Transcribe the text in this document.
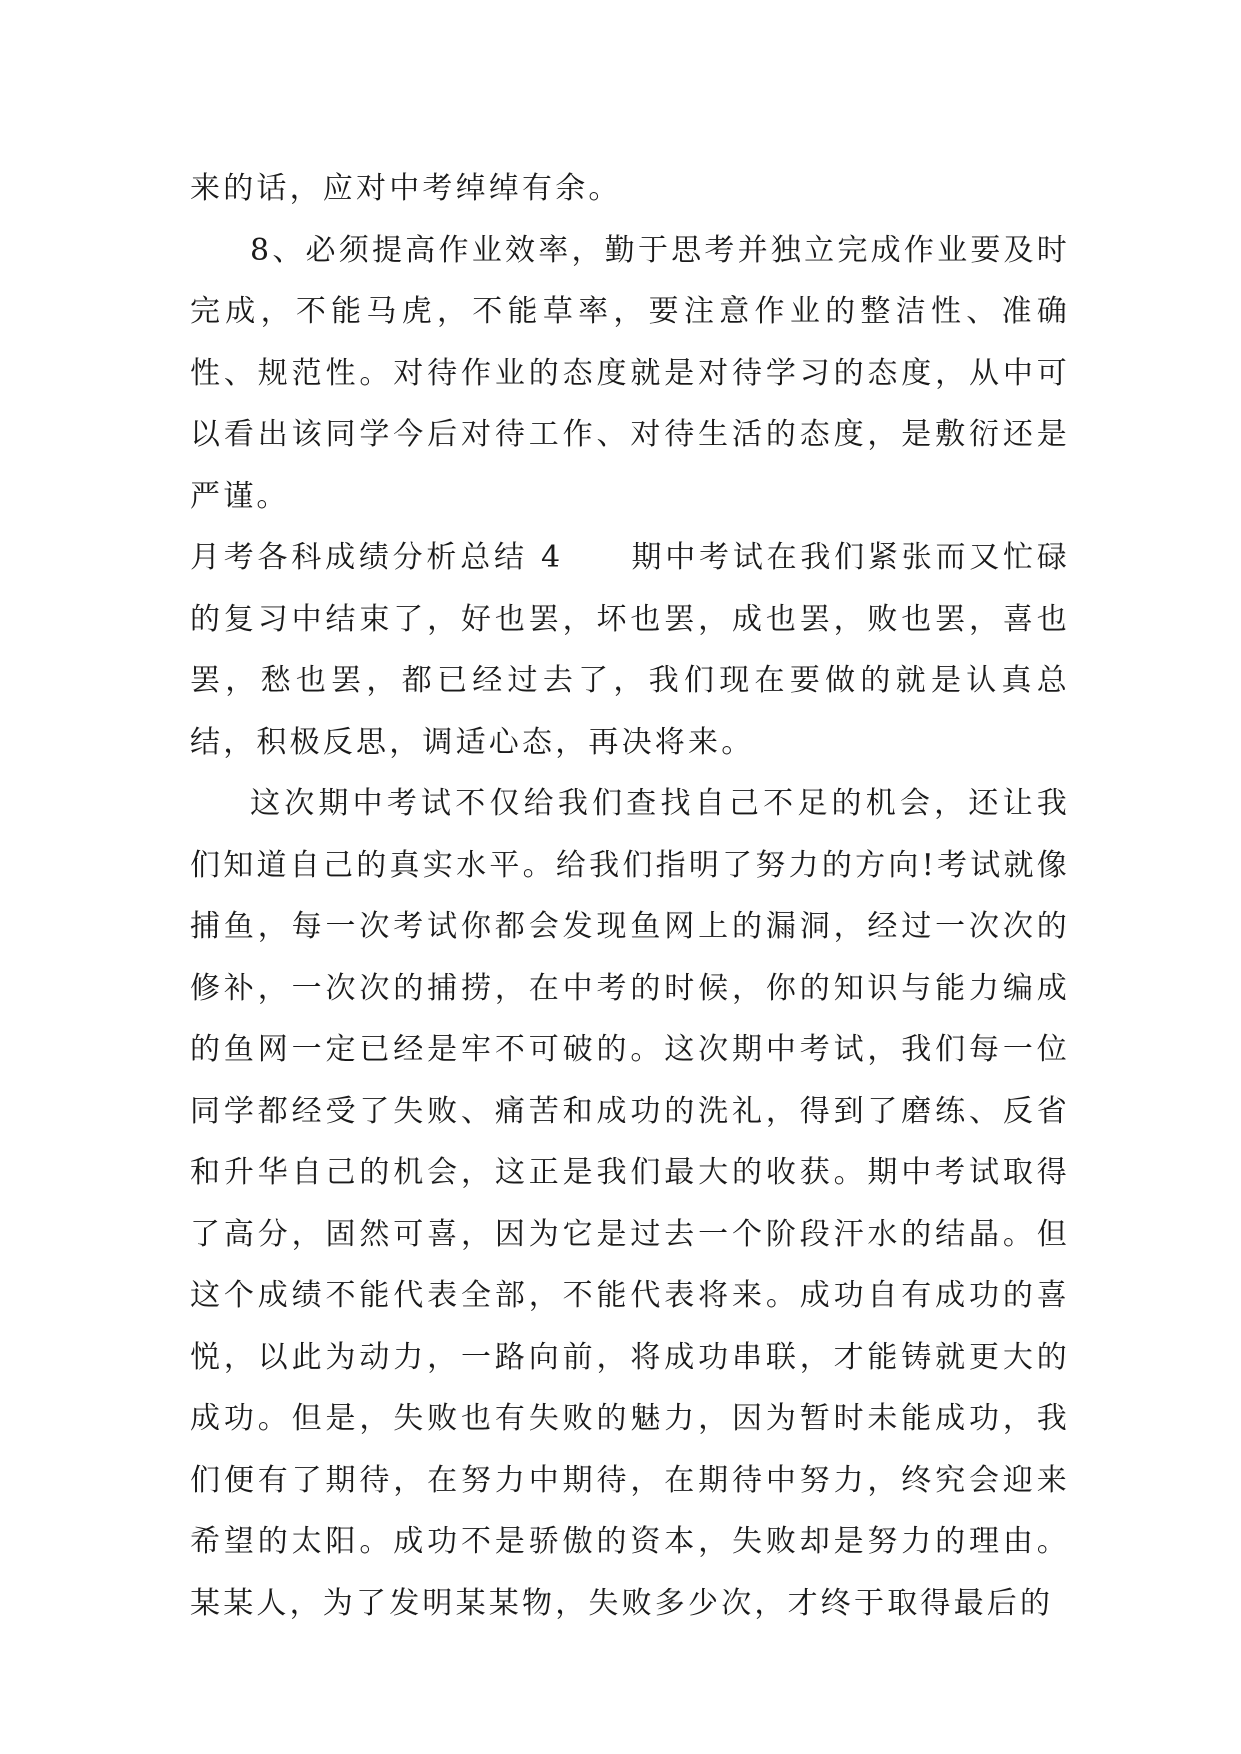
来的话，应对中考绰绰有余。

8、必须提高作业效率，勤于思考并独立完成作业要及时完成，不能马虎，不能草率，要注意作业的整洁性、准确性、规范性。对待作业的态度就是对待学习的态度，从中可以看出该同学今后对待工作、对待生活的态度，是敷衍还是严谨。

月考各科成绩分析总结 4　　 期中考试在我们紧张而又忙碌的复习中结束了，好也罢，坏也罢，成也罢，败也罢，喜也罢，愁也罢，都已经过去了，我们现在要做的就是认真总结，积极反思，调适心态，再决将来。

这次期中考试不仅给我们查找自己不足的机会，还让我们知道自己的真实水平。给我们指明了努力的方向!考试就像捕鱼，每一次考试你都会发现鱼网上的漏洞，经过一次次的修补，一次次的捕捞，在中考的时候，你的知识与能力编成的鱼网一定已经是牢不可破的。这次期中考试，我们每一位同学都经受了失败、痛苦和成功的洗礼，得到了磨练、反省和升华自己的机会，这正是我们最大的收获。期中考试取得了高分，固然可喜，因为它是过去一个阶段汗水的结晶。但这个成绩不能代表全部，不能代表将来。成功自有成功的喜悦，以此为动力，一路向前，将成功串联，才能铸就更大的成功。但是，失败也有失败的魅力，因为暂时未能成功，我们便有了期待，在努力中期待，在期待中努力，终究会迎来希望的太阳。成功不是骄傲的资本，失败却是努力的理由。某某人，为了发明某某物，失败多少次，才终于取得最后的
